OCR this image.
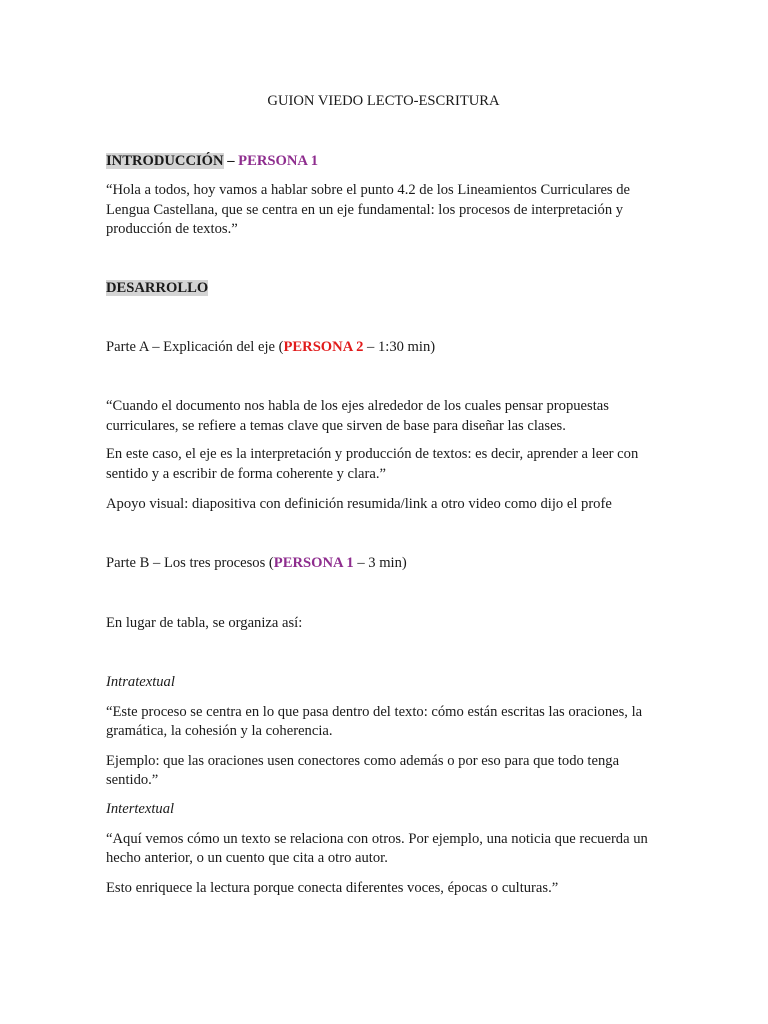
GUION VIEDO LECTO-ESCRITURA
INTRODUCCIÓN – PERSONA 1
“Hola a todos, hoy vamos a hablar sobre el punto 4.2 de los Lineamientos Curriculares de
Lengua Castellana, que se centra en un eje fundamental: los procesos de interpretación y
producción de textos.”
DESARROLLO
Parte A – Explicación del eje (PERSONA 2 – 1:30 min)
“Cuando el documento nos habla de los ejes alrededor de los cuales pensar propuestas
curriculares, se refiere a temas clave que sirven de base para diseñar las clases.
En este caso, el eje es la interpretación y producción de textos: es decir, aprender a leer con
sentido y a escribir de forma coherente y clara.”
Apoyo visual: diapositiva con definición resumida/link a otro video como dijo el profe
Parte B – Los tres procesos (PERSONA 1 – 3 min)
En lugar de tabla, se organiza así:
Intratextual
“Este proceso se centra en lo que pasa dentro del texto: cómo están escritas las oraciones, la
gramática, la cohesión y la coherencia.
Ejemplo: que las oraciones usen conectores como además o por eso para que todo tenga
sentido.”
Intertextual
“Aquí vemos cómo un texto se relaciona con otros. Por ejemplo, una noticia que recuerda un
hecho anterior, o un cuento que cita a otro autor.
Esto enriquece la lectura porque conecta diferentes voces, épocas o culturas.”
